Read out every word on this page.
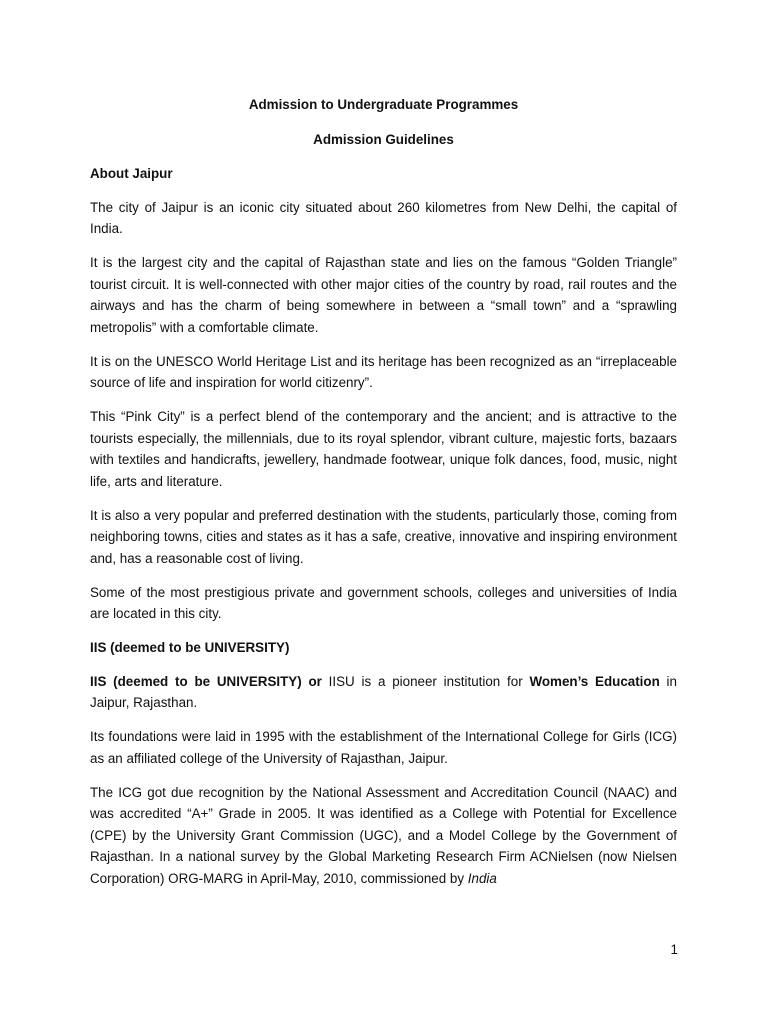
Admission to Undergraduate Programmes
Admission Guidelines
About Jaipur

The city of Jaipur is an iconic city situated about 260 kilometres from New Delhi, the capital of India.

It is the largest city and the capital of Rajasthan state and lies on the famous “Golden Triangle” tourist circuit. It is well-connected with other major cities of the country by road, rail routes and the airways and has the charm of being somewhere in between a “small town” and a “sprawling metropolis” with a comfortable climate.

It is on the UNESCO World Heritage List and its heritage has been recognized as an “irreplaceable source of life and inspiration for world citizenry”.

This “Pink City” is a perfect blend of the contemporary and the ancient; and is attractive to the tourists especially, the millennials, due to its royal splendor, vibrant culture, majestic forts, bazaars with textiles and handicrafts, jewellery, handmade footwear, unique folk dances, food, music, night life, arts and literature.

It is also a very popular and preferred destination with the students, particularly those, coming from neighboring towns, cities and states as it has a safe, creative, innovative and inspiring environment and, has a reasonable cost of living.

Some of the most prestigious private and government schools, colleges and universities of India are located in this city.

IIS (deemed to be UNIVERSITY)

IIS (deemed to be UNIVERSITY) or IISU is a pioneer institution for Women’s Education in Jaipur, Rajasthan.

Its foundations were laid in 1995 with the establishment of the International College for Girls (ICG) as an affiliated college of the University of Rajasthan, Jaipur.

The ICG got due recognition by the National Assessment and Accreditation Council (NAAC) and was accredited “A+” Grade in 2005. It was identified as a College with Potential for Excellence (CPE) by the University Grant Commission (UGC), and a Model College by the Government of Rajasthan. In a national survey by the Global Marketing Research Firm ACNielsen (now Nielsen Corporation) ORG-MARG in April-May, 2010, commissioned by India

1
